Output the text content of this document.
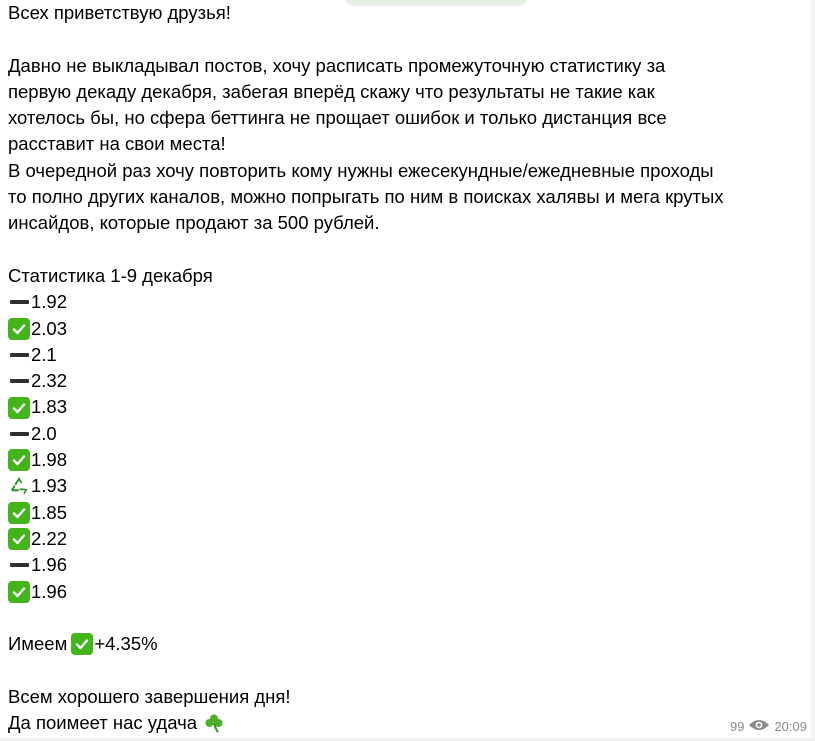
Всех приветствую друзья!
Давно не выкладывал постов, хочу расписать промежуточную статистику за
первую декаду декабря, забегая вперёд скажу что результаты не такие как
хотелось бы, но сфера беттинга не прощает ошибок и только дистанция все
расставит на свои места!
В очередной раз хочу повторить кому нужны ежесекундные/ежедневные проходы
то полно других каналов, можно попрыгать по ним в поисках халявы и мега крутых
инсайдов, которые продают за 500 рублей.
Статистика 1-9 декабря
1.92
2.03
2.1
2.32
1.83
2.0
1.98
1.93
1.85
2.22
1.96
1.96
Имеем +4.35%
Всем хорошего завершения дня!
Да поимеет нас удача	99 20:09
